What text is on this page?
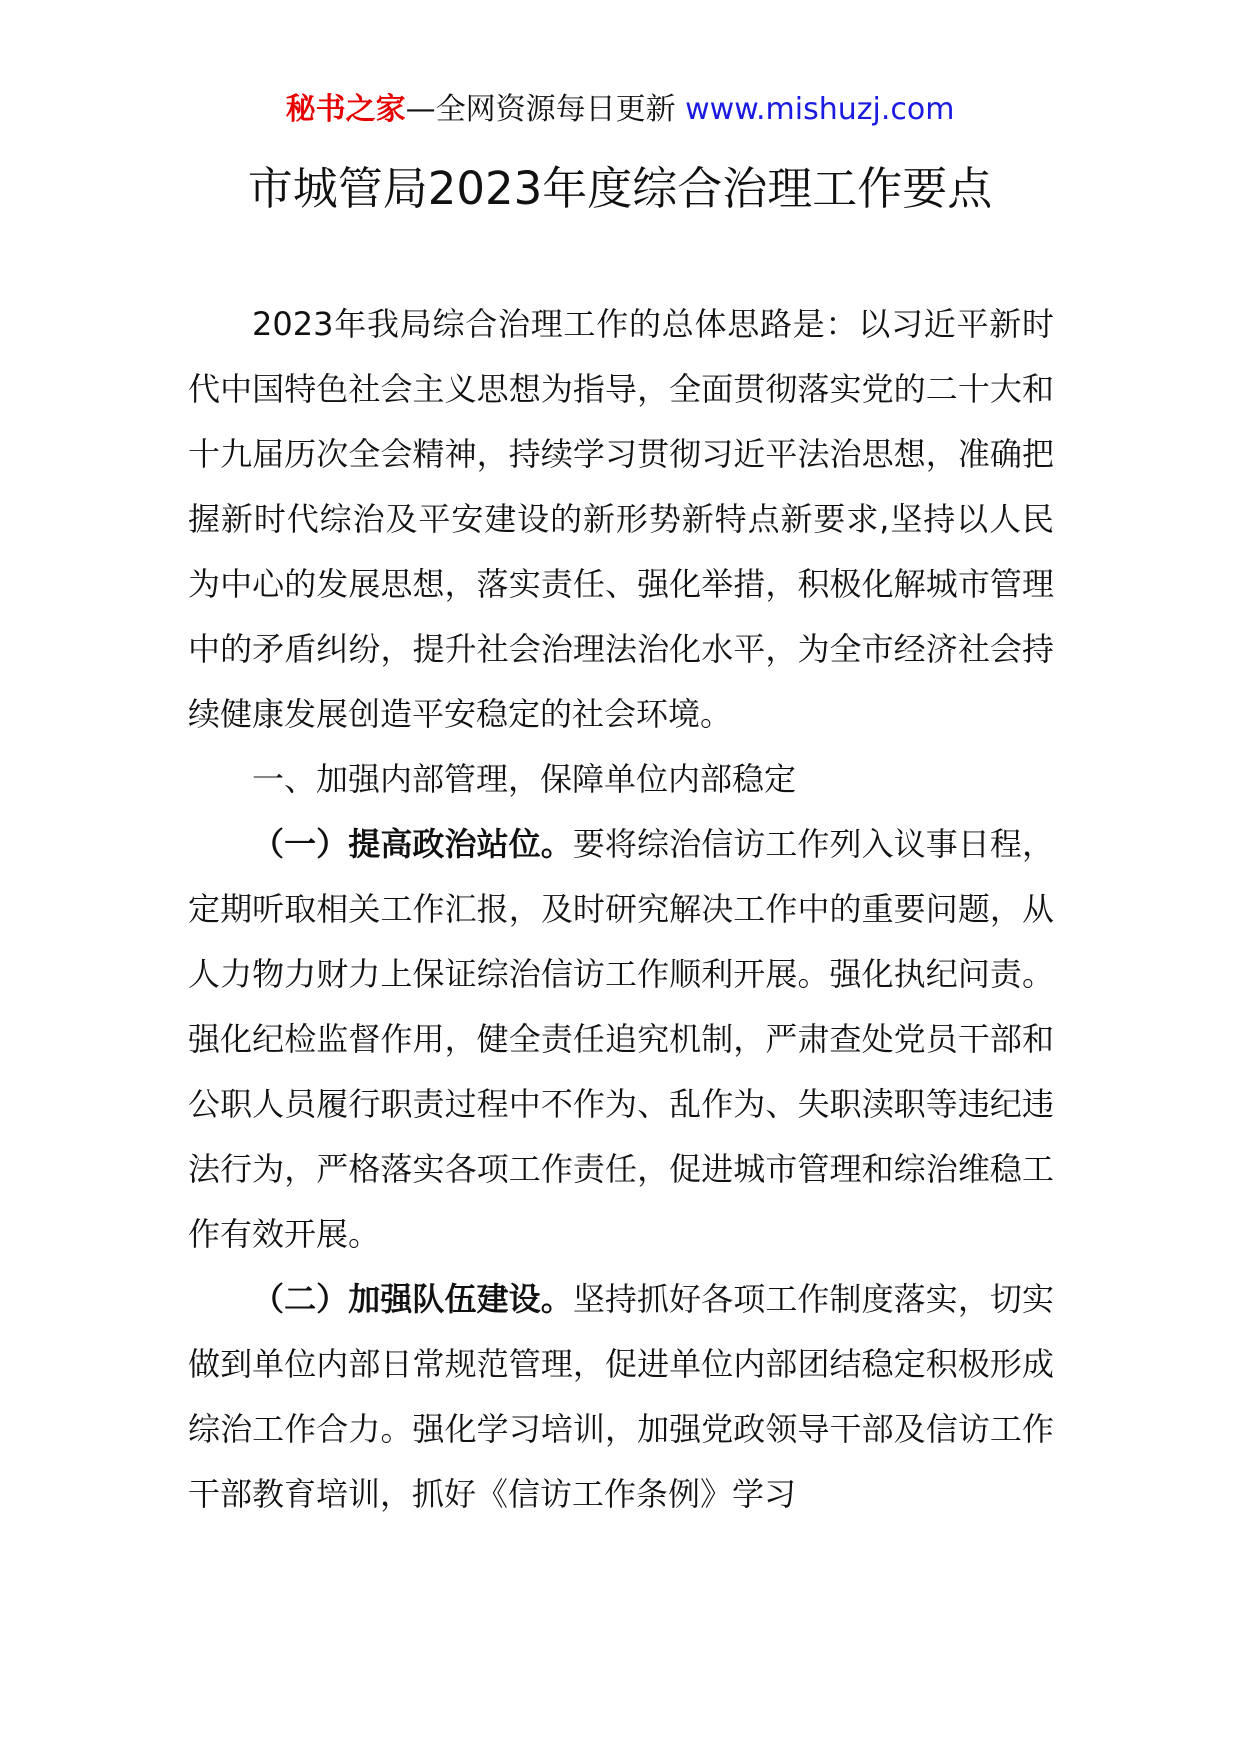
秘书之家—全网资源每日更新 www.mishuzj.com
市城管局2023年度综合治理工作要点

2023年我局综合治理工作的总体思路是：以习近平新时代中国特色社会主义思想为指导，全面贯彻落实党的二十大和十九届历次全会精神，持续学习贯彻习近平法治思想，准确把握新时代综治及平安建设的新形势新特点新要求,坚持以人民为中心的发展思想，落实责任、强化举措，积极化解城市管理中的矛盾纠纷，提升社会治理法治化水平，为全市经济社会持续健康发展创造平安稳定的社会环境。

一、加强内部管理，保障单位内部稳定

（一）提高政治站位。要将综治信访工作列入议事日程，定期听取相关工作汇报，及时研究解决工作中的重要问题，从人力物力财力上保证综治信访工作顺利开展。强化执纪问责。强化纪检监督作用，健全责任追究机制，严肃查处党员干部和公职人员履行职责过程中不作为、乱作为、失职渎职等违纪违法行为，严格落实各项工作责任，促进城市管理和综治维稳工作有效开展。

（二）加强队伍建设。坚持抓好各项工作制度落实，切实做到单位内部日常规范管理，促进单位内部团结稳定积极形成综治工作合力。强化学习培训，加强党政领导干部及信访工作干部教育培训，抓好《信访工作条例》学习
